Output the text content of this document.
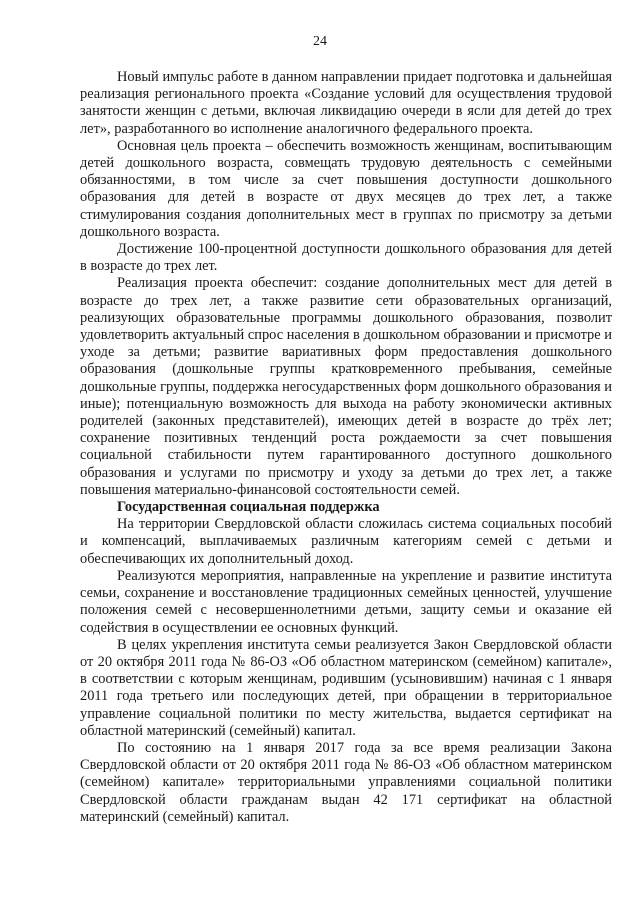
24

Новый импульс работе в данном направлении придает подготовка и дальнейшая реализация регионального проекта «Создание условий для осуществления трудовой занятости женщин с детьми, включая ликвидацию очереди в ясли для детей до трех лет», разработанного во исполнение аналогичного федерального проекта.

Основная цель проекта – обеспечить возможность женщинам, воспитывающим детей дошкольного возраста, совмещать трудовую деятельность с семейными обязанностями, в том числе за счет повышения доступности дошкольного образования для детей в возрасте от двух месяцев до трех лет, а также стимулирования создания дополнительных мест в группах по присмотру за детьми дошкольного возраста.

Достижение 100-процентной доступности дошкольного образования для детей в возрасте до трех лет.

Реализация проекта обеспечит: создание дополнительных мест для детей в возрасте до трех лет, а также развитие сети образовательных организаций, реализующих образовательные программы дошкольного образования, позволит удовлетворить актуальный спрос населения в дошкольном образовании и присмотре и уходе за детьми; развитие вариативных форм предоставления дошкольного образования (дошкольные группы кратковременного пребывания, семейные дошкольные группы, поддержка негосударственных форм дошкольного образования и иные); потенциальную возможность для выхода на работу экономически активных родителей (законных представителей), имеющих детей в возрасте до трёх лет; сохранение позитивных тенденций роста рождаемости за счет повышения социальной стабильности путем гарантированного доступного дошкольного образования и услугами по присмотру и уходу за детьми до трех лет, а также повышения материально-финансовой состоятельности семей.

Государственная социальная поддержка

На территории Свердловской области сложилась система социальных пособий и компенсаций, выплачиваемых различным категориям семей с детьми и обеспечивающих их дополнительный доход.

Реализуются мероприятия, направленные на укрепление и развитие института семьи, сохранение и восстановление традиционных семейных ценностей, улучшение положения семей с несовершеннолетними детьми, защиту семьи и оказание ей содействия в осуществлении ее основных функций.

В целях укрепления института семьи реализуется Закон Свердловской области от 20 октября 2011 года № 86-ОЗ «Об областном материнском (семейном) капитале», в соответствии с которым женщинам, родившим (усыновившим) начиная с 1 января 2011 года третьего или последующих детей, при обращении в территориальное управление социальной политики по месту жительства, выдается сертификат на областной материнский (семейный) капитал.

По состоянию на 1 января 2017 года за все время реализации Закона Свердловской области от 20 октября 2011 года № 86-ОЗ «Об областном материнском (семейном) капитале» территориальными управлениями социальной политики Свердловской области гражданам выдан 42 171 сертификат на областной материнский (семейный) капитал.
